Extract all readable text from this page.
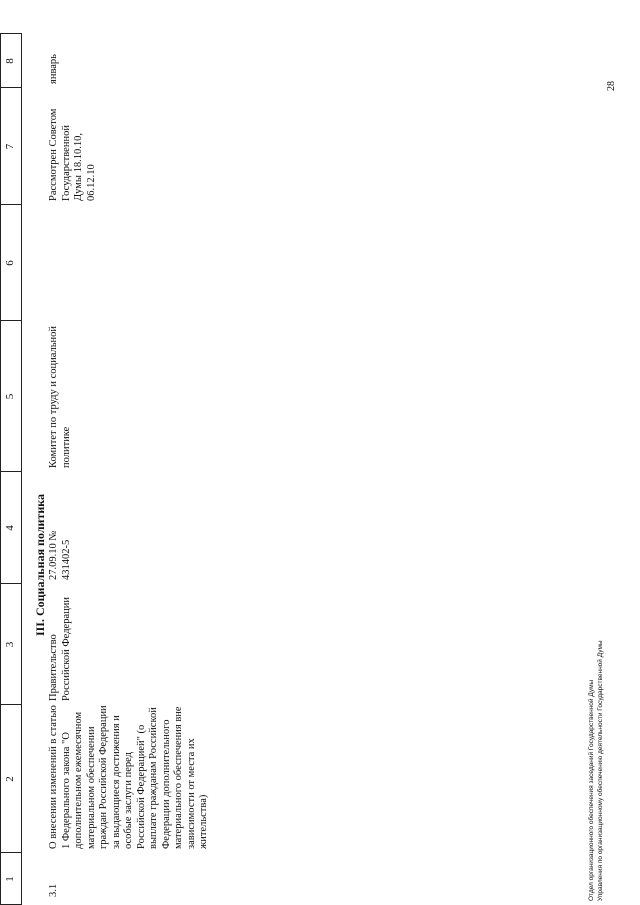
1
2
3
4
5
6
7
8
III. Социальная политика
3.1
О внесении изменений в статью 1 Федерального закона "О дополнительном ежемесячном материальном обеспечении граждан Российской Федерации за выдающиеся достижения и особые заслуги перед Российской Федерацией" (о выплате гражданам Российской Федерации дополнительного материального обеспечения вне зависимости от места их жительства)
Правительство Российской Федерации
27.09.10 № 431402-5
Комитет по труду и социальной политике
Рассмотрен Советом Государственной Думы 18.10.10, 06.12.10
январь
Отдел организационного обеспечения заседаний Государственной Думы Управления по организационному обеспечению деятельности Государственной Думы
28
